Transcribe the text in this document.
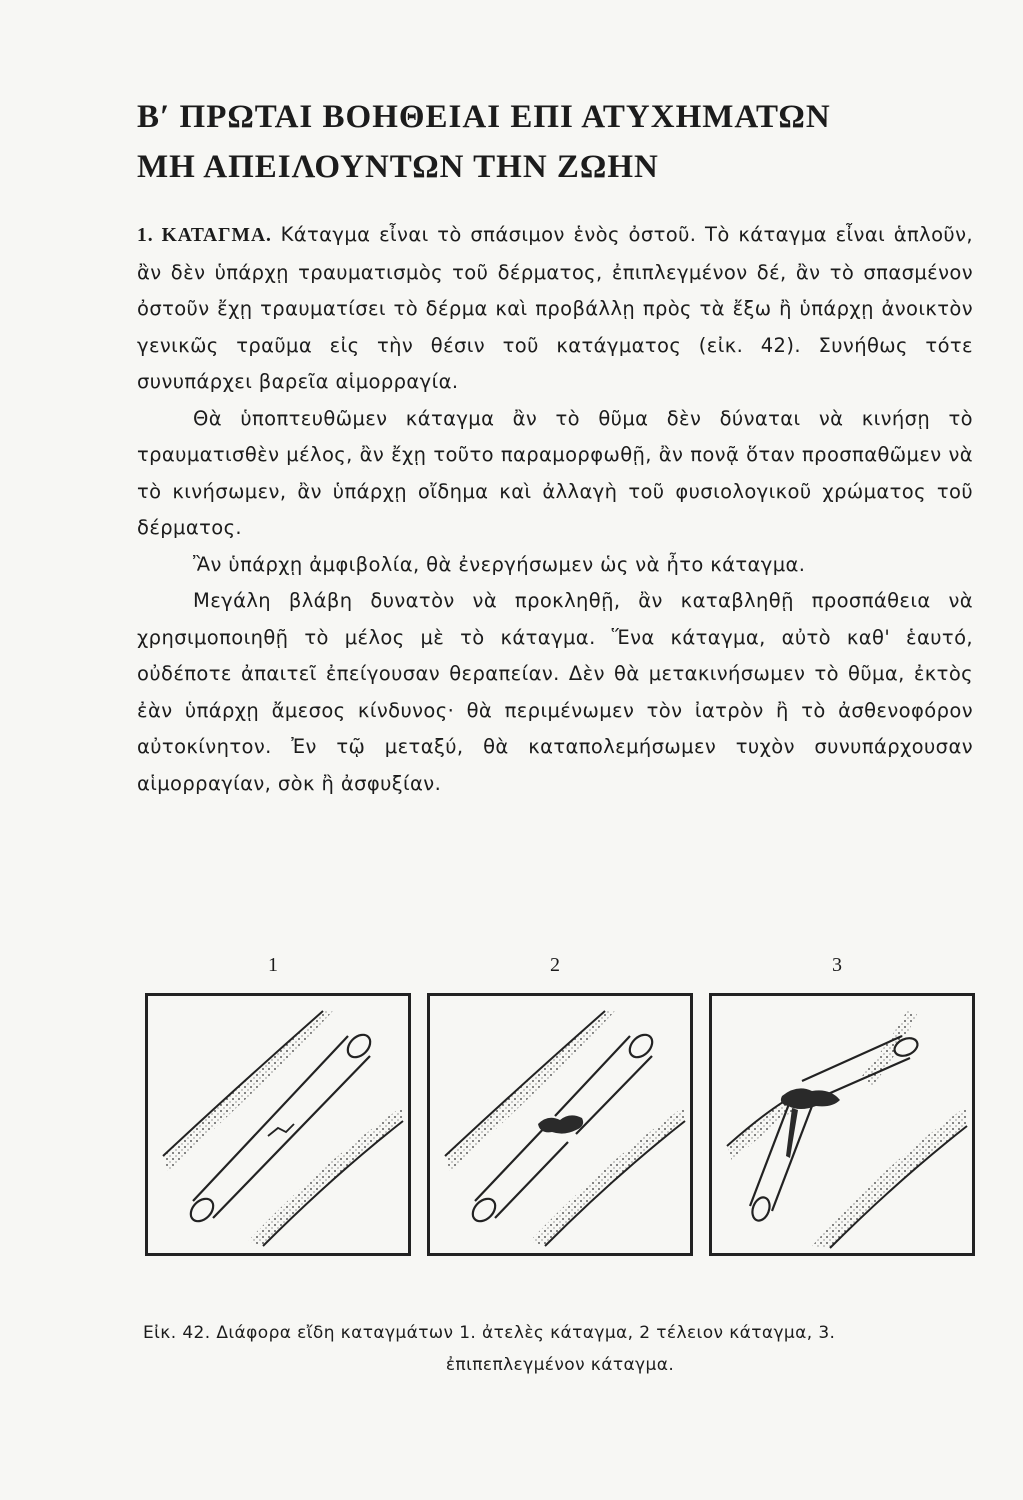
Β′ ΠΡΩΤΑΙ ΒΟΗΘΕΙΑΙ ΕΠΙ ΑΤΥΧΗΜΑΤΩΝ
ΜΗ ΑΠΕΙΛΟΥΝΤΩΝ ΤΗΝ ΖΩΗΝ

1. ΚΑΤΑΓΜΑ. Κάταγμα εἶναι τὸ σπάσιμον ἑνὸς ὀστοῦ. Τὸ κάταγμα εἶναι ἁπλοῦν, ἂν δὲν ὑπάρχῃ τραυματισμὸς τοῦ δέρματος, ἐπιπλεγμένον δέ, ἂν τὸ σπασμένον ὀστοῦν ἔχῃ τραυματίσει τὸ δέρμα καὶ προβάλλῃ πρὸς τὰ ἔξω ἢ ὑπάρχῃ ἀνοικτὸν γενικῶς τραῦμα εἰς τὴν θέσιν τοῦ κατάγματος (εἰκ. 42). Συνήθως τότε συνυπάρχει βαρεῖα αἱμορραγία.

Θὰ ὑποπτευθῶμεν κάταγμα ἂν τὸ θῦμα δὲν δύναται νὰ κινήσῃ τὸ τραυματισθὲν μέλος, ἂν ἔχῃ τοῦτο παραμορφωθῇ, ἂν πονᾷ ὅταν προσπαθῶμεν νὰ τὸ κινήσωμεν, ἂν ὑπάρχῃ οἴδημα καὶ ἀλλαγὴ τοῦ φυσιολογικοῦ χρώματος τοῦ δέρματος.

Ἂν ὑπάρχῃ ἀμφιβολία, θὰ ἐνεργήσωμεν ὡς νὰ ἦτο κάταγμα.

Μεγάλη βλάβη δυνατὸν νὰ προκληθῇ, ἂν καταβληθῇ προσπάθεια νὰ χρησιμοποιηθῇ τὸ μέλος μὲ τὸ κάταγμα. Ἕνα κάταγμα, αὐτὸ καθ' ἑαυτό, οὐδέποτε ἀπαιτεῖ ἐπείγουσαν θεραπείαν. Δὲν θὰ μετακινήσωμεν τὸ θῦμα, ἐκτὸς ἐὰν ὑπάρχῃ ἄμεσος κίνδυνος· θὰ περιμένωμεν τὸν ἰατρὸν ἢ τὸ ἀσθενοφόρον αὐτοκίνητον. Ἐν τῷ μεταξύ, θὰ καταπολεμήσωμεν τυχὸν συνυπάρχουσαν αἱμορραγίαν, σὸκ ἢ ἀσφυξίαν.

1	2	3
Εἰκ. 42. Διάφορα εἴδη καταγμάτων 1. ἀτελὲς κάταγμα, 2 τέλειον κάταγμα, 3.
ἐπιπεπλεγμένον κάταγμα.
